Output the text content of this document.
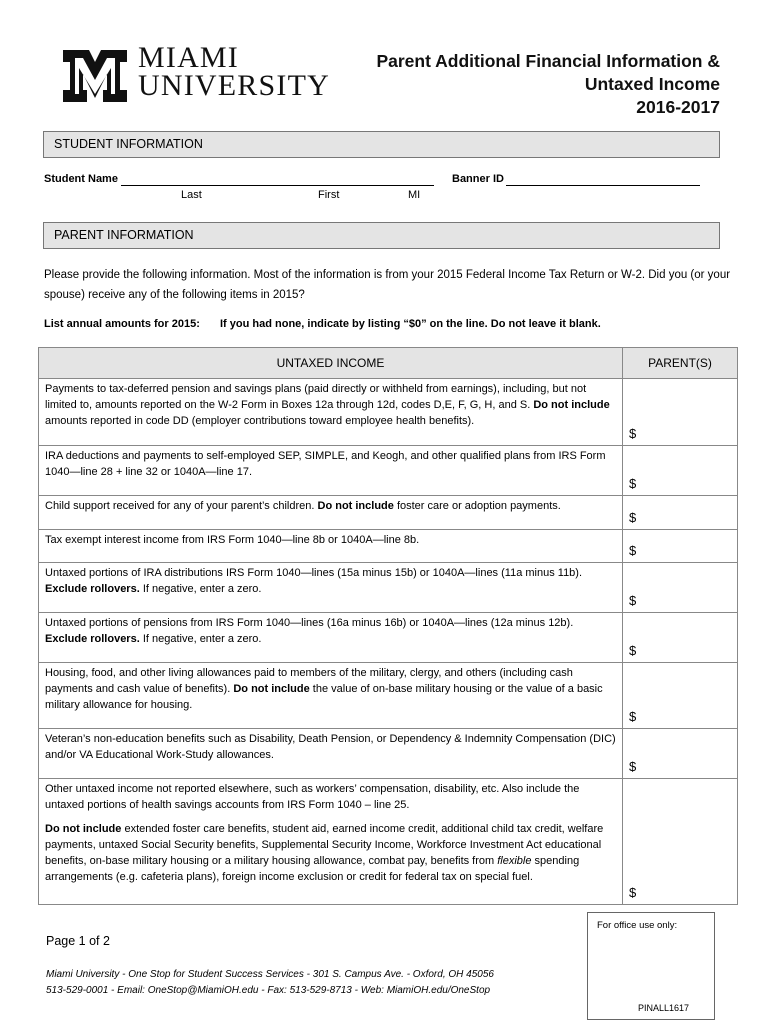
MIAMI
UNIVERSITY
Parent Additional Financial Information &
Untaxed Income
2016-2017
STUDENT INFORMATION
Student Name
Last	First	MI
Banner ID
PARENT INFORMATION
Please provide the following information. Most of the information is from your 2015 Federal Income Tax Return or W-2. Did you (or your spouse) receive any of the following items in 2015?
List annual amounts for 2015: If you had none, indicate by listing “$0” on the line. Do not leave it blank.
UNTAXED INCOME	PARENT(S)
Payments to tax-deferred pension and savings plans (paid directly or withheld from earnings), including, but not limited to, amounts reported on the W-2 Form in Boxes 12a through 12d, codes D,E, F, G, H, and S. Do not include amounts reported in code DD (employer contributions toward employee health benefits).	$
IRA deductions and payments to self-employed SEP, SIMPLE, and Keogh, and other qualified plans from IRS Form 1040—line 28 + line 32 or 1040A—line 17.	$
Child support received for any of your parent’s children. Do not include foster care or adoption payments.	$
Tax exempt interest income from IRS Form 1040—line 8b or 1040A—line 8b.	$
Untaxed portions of IRA distributions IRS Form 1040—lines (15a minus 15b) or 1040A—lines (11a minus 11b).
Exclude rollovers. If negative, enter a zero.	$
Untaxed portions of pensions from IRS Form 1040—lines (16a minus 16b) or 1040A—lines (12a minus 12b).
Exclude rollovers. If negative, enter a zero.	$
Housing, food, and other living allowances paid to members of the military, clergy, and others (including cash payments and cash value of benefits). Do not include the value of on-base military housing or the value of a basic military allowance for housing.	$
Veteran’s non-education benefits such as Disability, Death Pension, or Dependency & Indemnity Compensation (DIC) and/or VA Educational Work-Study allowances.	$

Other untaxed income not reported elsewhere, such as workers’ compensation, disability, etc. Also include the untaxed portions of health savings accounts from IRS Form 1040 – line 25.

Do not include extended foster care benefits, student aid, earned income credit, additional child tax credit, welfare payments, untaxed Social Security benefits, Supplemental Security Income, Workforce Investment Act educational benefits, on-base military housing or a military housing allowance, combat pay, benefits from flexible spending arrangements (e.g. cafeteria plans), foreign income exclusion or credit for federal tax on special fuel.	$
For office use only:
PINALL1617
Page 1 of 2
Miami University - One Stop for Student Success Services - 301 S. Campus Ave. - Oxford, OH 45056
513-529-0001 - Email: OneStop@MiamiOH.edu - Fax: 513-529-8713 - Web: MiamiOH.edu/OneStop
